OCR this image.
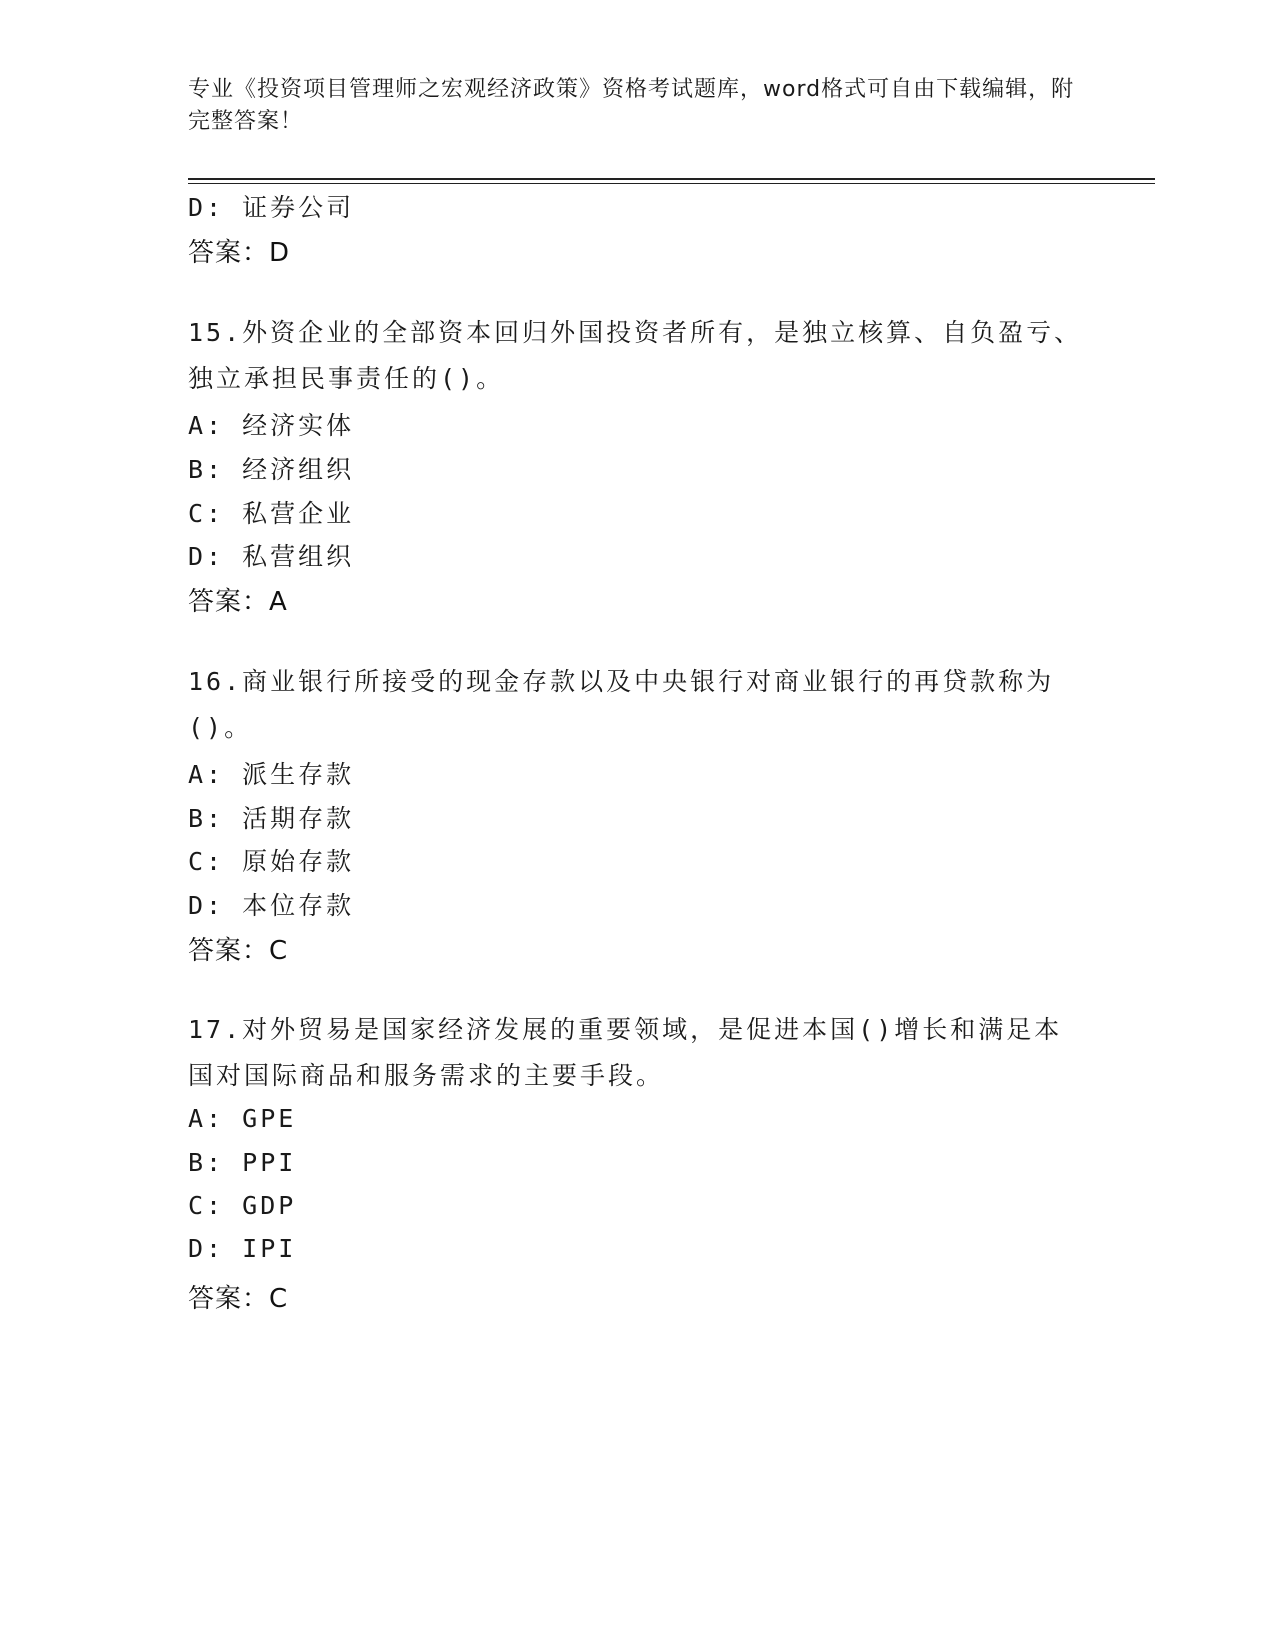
专业《投资项目管理师之宏观经济政策》资格考试题库，word格式可自由下载编辑，附完整答案！
D: 证券公司
答案：D
15.外资企业的全部资本回归外国投资者所有，是独立核算、自负盈亏、独立承担民事责任的()。
A: 经济实体
B: 经济组织
C: 私营企业
D: 私营组织
答案：A
16.商业银行所接受的现金存款以及中央银行对商业银行的再贷款称为()。
A: 派生存款
B: 活期存款
C: 原始存款
D: 本位存款
答案：C
17.对外贸易是国家经济发展的重要领域，是促进本国()增长和满足本国对国际商品和服务需求的主要手段。
A: GPE
B: PPI
C: GDP
D: IPI
答案：C
